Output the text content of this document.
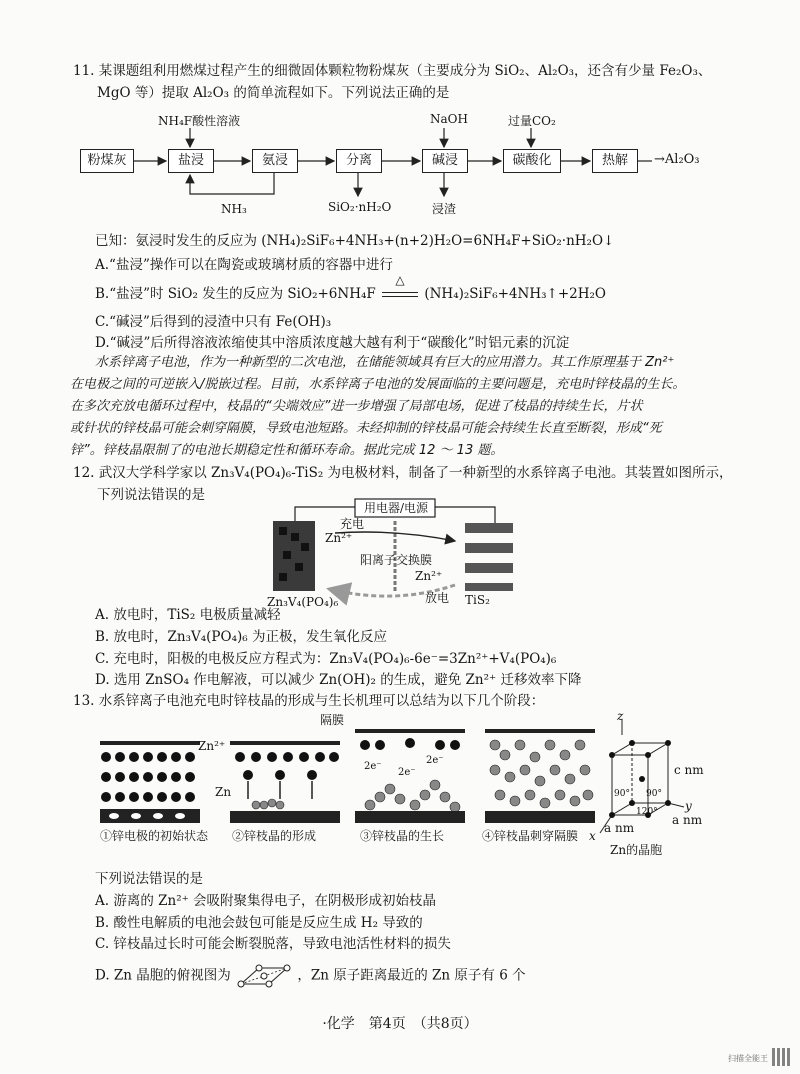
11. 某课题组利用燃煤过程产生的细微固体颗粒物粉煤灰（主要成分为 SiO₂、Al₂O₃，还含有少量 Fe₂O₃、
MgO 等）提取 Al₂O₃ 的简单流程如下。下列说法正确的是
NH₄F酸性溶液	NaOH	过量CO₂
粉煤灰	盐浸	氨浸	分离	碱浸	碳酸化	热解	→Al₂O₃
NH₃	SiO₂·nH₂O	浸渣
已知：氨浸时发生的反应为 (NH₄)₂SiF₆+4NH₃+(n+2)H₂O=6NH₄F+SiO₂·nH₂O↓
A.“盐浸”操作可以在陶瓷或玻璃材质的容器中进行
B.“盐浸”时 SiO₂ 发生的反应为 SiO₂+6NH₄F
△
(NH₄)₂SiF₆+4NH₃↑+2H₂O
C.“碱浸”后得到的浸渣中只有 Fe(OH)₃
D.“碱浸”后所得溶液浓缩使其中溶质浓度越大越有利于“碳酸化”时铝元素的沉淀
水系锌离子电池，作为一种新型的二次电池，在储能领域具有巨大的应用潜力。其工作原理基于 Zn²⁺
在电极之间的可逆嵌入/脱嵌过程。目前，水系锌离子电池的发展面临的主要问题是，充电时锌枝晶的生长。
在多次充放电循环过程中，枝晶的“尖端效应”进一步增强了局部电场，促进了枝晶的持续生长，片状
或针状的锌枝晶可能会刺穿隔膜，导致电池短路。未经抑制的锌枝晶可能会持续生长直至断裂，形成“死
锌”。锌枝晶限制了的电池长期稳定性和循环寿命。据此完成 12 ～ 13 题。
12. 武汉大学科学家以 Zn₃V₄(PO₄)₆-TiS₂ 为电极材料，制备了一种新型的水系锌离子电池。其装置如图所示，
下列说法错误的是
用电器/电源
充电
Zn²⁺
阳离子交换膜
Zn²⁺
放电
Zn₃V₄(PO₄)₆	TiS₂
A. 放电时，TiS₂ 电极质量减轻
B. 放电时，Zn₃V₄(PO₄)₆ 为正极，发生氧化反应
C. 充电时，阳极的电极反应方程式为：Zn₃V₄(PO₄)₆-6e⁻=3Zn²⁺+V₄(PO₄)₆
D. 选用 ZnSO₄ 作电解液，可以减少 Zn(OH)₂ 的生成，避免 Zn²⁺ 迁移效率下降
13. 水系锌离子电池充电时锌枝晶的形成与生长机理可以总结为以下几个阶段：
隔膜
Zn²⁺
Zn
2e⁻
2e⁻
2e⁻
①锌电极的初始状态 ②锌枝晶的形成	③锌枝晶的生长	④锌枝晶刺穿隔膜
z
x
y
c nm
a nm
a nm
90° 90°
120°
Zn的晶胞
下列说法错误的是
A. 游离的 Zn²⁺ 会吸附聚集得电子，在阴极形成初始枝晶
B. 酸性电解质的电池会鼓包可能是反应生成 H₂ 导致的
C. 锌枝晶过长时可能会断裂脱落，导致电池活性材料的损失
D. Zn 晶胞的俯视图为	，Zn 原子距离最近的 Zn 原子有 6 个
·化学　第4页　（共8页）
扫描全能王
